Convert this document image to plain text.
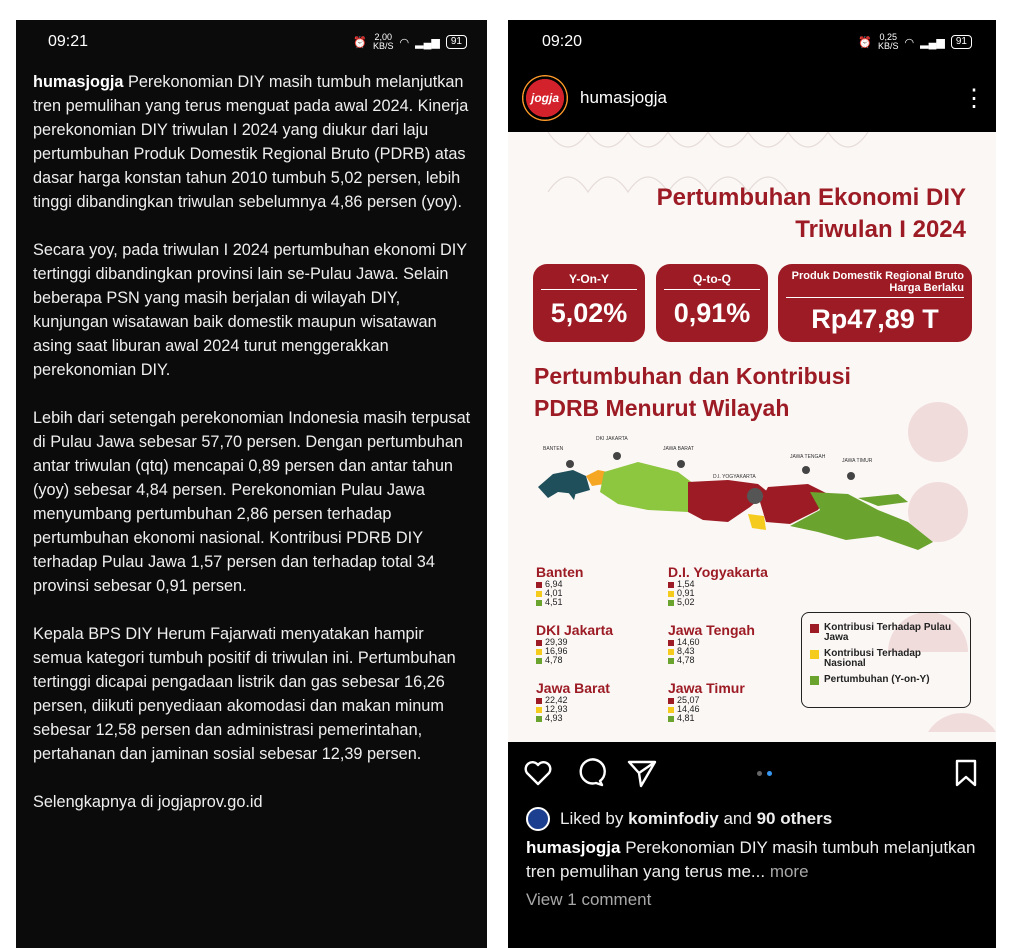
09:21	⏰ 2,00
KB/S ◠ ▂▄▆	91

humasjogja Perekonomian DIY masih tumbuh melanjutkan tren pemulihan yang terus menguat pada awal 2024. Kinerja perekonomian DIY triwulan I 2024 yang diukur dari laju pertumbuhan Produk Domestik Regional Bruto (PDRB) atas dasar harga konstan tahun 2010 tumbuh 5,02 persen, lebih tinggi dibandingkan triwulan sebelumnya 4,86 persen (yoy).

Secara yoy, pada triwulan I 2024 pertumbuhan ekonomi DIY tertinggi dibandingkan provinsi lain se-Pulau Jawa. Selain beberapa PSN yang masih berjalan di wilayah DIY, kunjungan wisatawan baik domestik maupun wisatawan asing saat liburan awal 2024 turut menggerakkan perekonomian DIY.

Lebih dari setengah perekonomian Indonesia masih terpusat di Pulau Jawa sebesar 57,70 persen. Dengan pertumbuhan antar triwulan (qtq) mencapai 0,89 persen dan antar tahun (yoy) sebesar 4,84 persen. Perekonomian Pulau Jawa menyumbang pertumbuhan 2,86 persen terhadap pertumbuhan ekonomi nasional. Kontribusi PDRB DIY terhadap Pulau Jawa 1,57 persen dan terhadap total 34 provinsi sebesar 0,91 persen.

Kepala BPS DIY Herum Fajarwati menyatakan hampir semua kategori tumbuh positif di triwulan ini. Pertumbuhan tertinggi dicapai pengadaan listrik dan gas sebesar 16,26 persen, diikuti penyediaan akomodasi dan makan minum sebesar 12,58 persen dan administrasi pemerintahan, pertahanan dan jaminan sosial sebesar 12,39 persen.

Selengkapnya di jogjaprov.go.id

09:20	⏰ 0,25
KB/S ◠ ▂▄▆	91
jogja	humasjogja	⋮
Pertumbuhan Ekonomi DIY
Triwulan I 2024
Y-On-Y
5,02%
Q-to-Q
0,91%
Produk Domestik Regional Bruto Harga Berlaku
Rp47,89 T
Pertumbuhan dan Kontribusi
PDRB Menurut Wilayah
BANTEN
DKI JAKARTA
JAWA BARAT
D.I. YOGYAKARTA
JAWA TENGAH
JAWA TIMUR
Banten
6,94
4,01
4,51
DKI Jakarta
29,39
16,96
4,78
Jawa Barat
22,42
12,93
4,93
D.I. Yogyakarta
1,54
0,91
5,02
Jawa Tengah
14,60
8,43
4,78
Jawa Timur
25,07
14,46
4,81
Kontribusi Terhadap Pulau Jawa
Kontribusi Terhadap Nasional
Pertumbuhan (Y-on-Y)
Liked by kominfodiy and 90 others
humasjogja Perekonomian DIY masih tumbuh melanjutkan tren pemulihan yang terus me... more
View 1 comment
